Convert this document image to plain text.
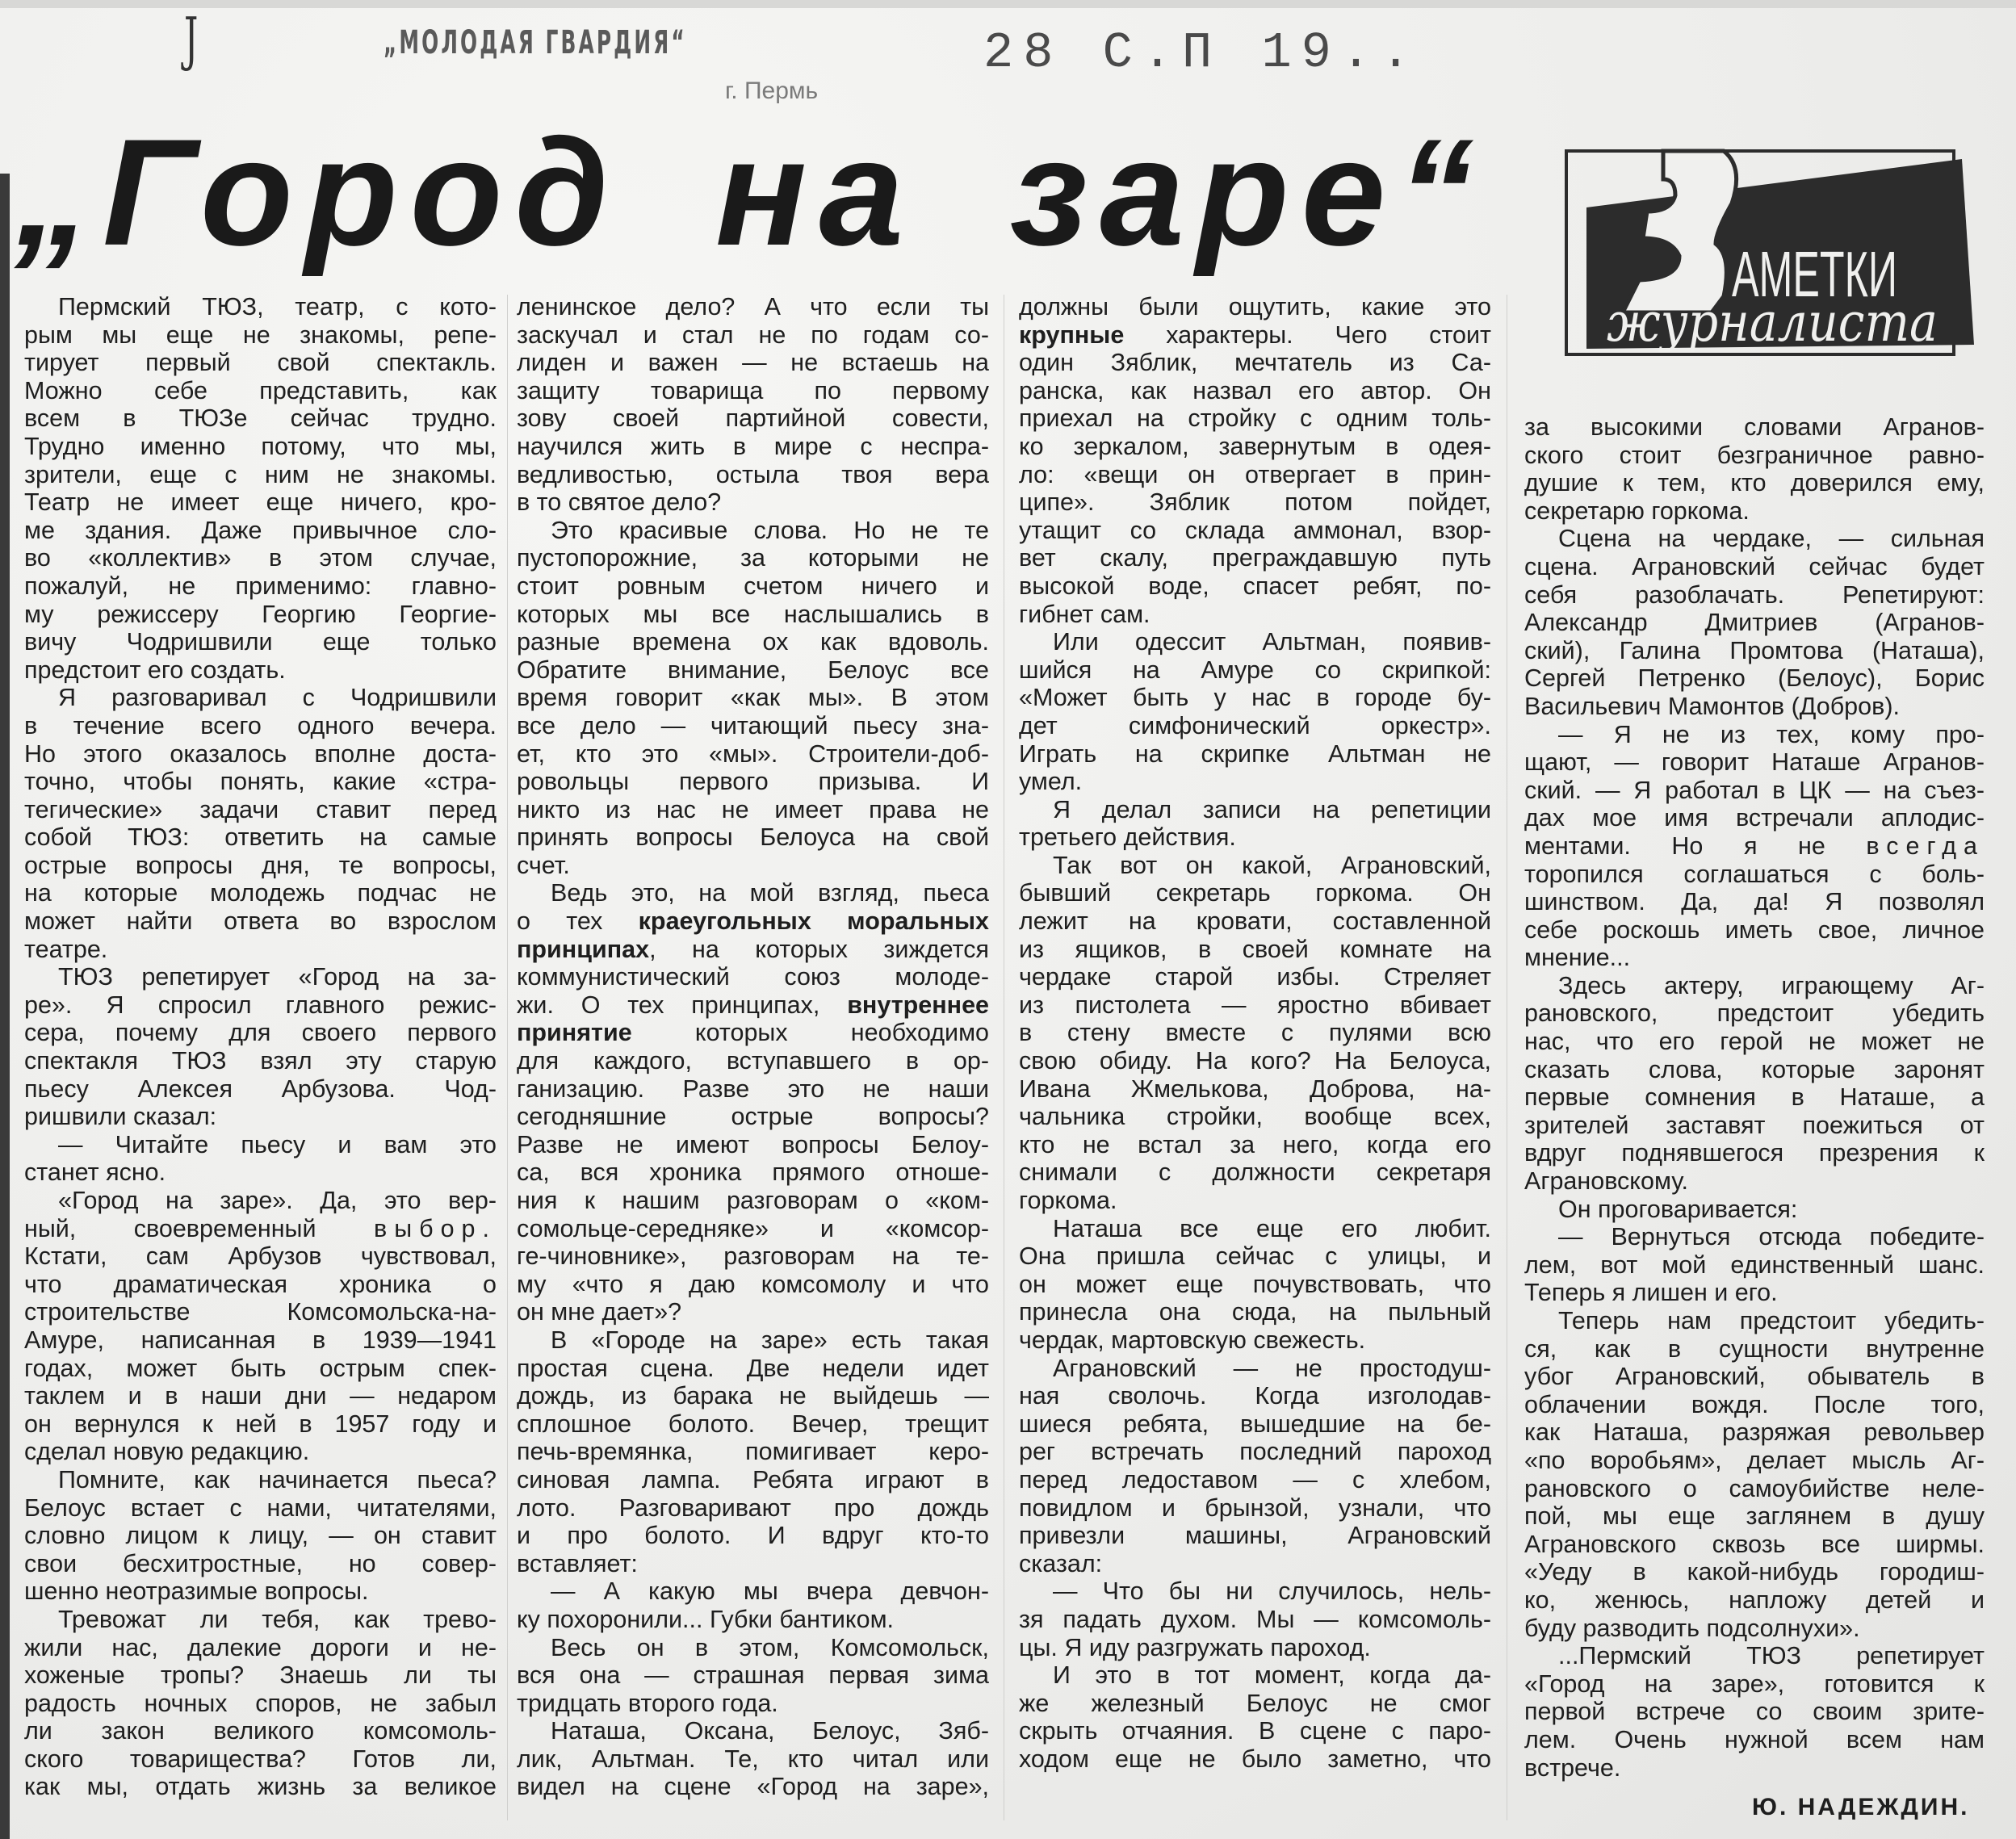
J	„МОЛОДАЯ ГВАРДИЯ“
г. Пермь
28 С.П 19..
„Город на заре“	АМЕТКИ
журналиста
Пермский ТЮЗ, театр, с кото-
рым мы еще не знакомы, репе-
тирует первый свой спектакль.
Можно себе представить, как
всем в ТЮЗе сейчас трудно.
Трудно именно потому, что мы,
зрители, еще с ним не знакомы.
Театр не имеет еще ничего, кро-
ме здания. Даже привычное сло-
во «коллектив» в этом случае,
пожалуй, не применимо: главно-
му режиссеру Георгию Георгие-
вичу Чодришвили еще только
предстоит его создать.
Я разговаривал с Чодришвили
в течение всего одного вечера.
Но этого оказалось вполне доста-
точно, чтобы понять, какие «стра-
тегические» задачи ставит перед
собой ТЮЗ: ответить на самые
острые вопросы дня, те вопросы,
на которые молодежь подчас не
может найти ответа во взрослом
театре.
ТЮЗ репетирует «Город на за-
ре». Я спросил главного режис-
сера, почему для своего первого
спектакля ТЮЗ взял эту старую
пьесу Алексея Арбузова. Чод-
ришвили сказал:
— Читайте пьесу и вам это
станет ясно.
«Город на заре». Да, это вер-
ный, своевременный выбор.
Кстати, сам Арбузов чувствовал,
что драматическая хроника о
строительстве Комсомольска-на-
Амуре, написанная в 1939—1941
годах, может быть острым спек-
таклем и в наши дни — недаром
он вернулся к ней в 1957 году и
сделал новую редакцию.
Помните, как начинается пьеса?
Белоус встает с нами, читателями,
словно лицом к лицу, — он ставит
свои бесхитростные, но совер-
шенно неотразимые вопросы.
Тревожат ли тебя, как трево-
жили нас, далекие дороги и не-
хоженые тропы? Знаешь ли ты
радость ночных споров, не забыл
ли закон великого комсомоль-
ского товарищества? Готов ли,
как мы, отдать жизнь за великое
ленинское дело? А что если ты
заскучал и стал не по годам со-
лиден и важен — не встаешь на
защиту товарища по первому
зову своей партийной совести,
научился жить в мире с неспра-
ведливостью, остыла твоя вера
в то святое дело?
Это красивые слова. Но не те
пустопорожние, за которыми не
стоит ровным счетом ничего и
которых мы все наслышались в
разные времена ох как вдоволь.
Обратите внимание, Белоус все
время говорит «как мы». В этом
все дело — читающий пьесу зна-
ет, кто это «мы». Строители-доб-
ровольцы первого призыва. И
никто из нас не имеет права не
принять вопросы Белоуса на свой
счет.
Ведь это, на мой взгляд, пьеса
о тех краеугольных моральных
принципах, на которых зиждется
коммунистический союз молоде-
жи. О тех принципах, внутреннее
принятие которых необходимо
для каждого, вступавшего в ор-
ганизацию. Разве это не наши
сегодняшние острые вопросы?
Разве не имеют вопросы Белоу-
са, вся хроника прямого отноше-
ния к нашим разговорам о «ком-
сомольце-середняке» и «комсор-
ге-чиновнике», разговорам на те-
му «что я даю комсомолу и что
он мне дает»?
В «Городе на заре» есть такая
простая сцена. Две недели идет
дождь, из барака не выйдешь —
сплошное болото. Вечер, трещит
печь-времянка, помигивает керо-
синовая лампа. Ребята играют в
лото. Разговаривают про дождь
и про болото. И вдруг кто-то
вставляет:
— А какую мы вчера девчон-
ку похоронили... Губки бантиком.
Весь он в этом, Комсомольск,
вся она — страшная первая зима
тридцать второго года.
Наташа, Оксана, Белоус, Зяб-
лик, Альтман. Те, кто читал или
видел на сцене «Город на заре»,
должны были ощутить, какие это
крупные характеры. Чего стоит
один Зяблик, мечтатель из Са-
ранска, как назвал его автор. Он
приехал на стройку с одним толь-
ко зеркалом, завернутым в одея-
ло: «вещи он отвергает в прин-
ципе». Зяблик потом пойдет,
утащит со склада аммонал, взор-
вет скалу, преграждавшую путь
высокой воде, спасет ребят, по-
гибнет сам.
Или одессит Альтман, появив-
шийся на Амуре со скрипкой:
«Может быть у нас в городе бу-
дет симфонический оркестр».
Играть на скрипке Альтман не
умел.
Я делал записи на репетиции
третьего действия.
Так вот он какой, Аграновский,
бывший секретарь горкома. Он
лежит на кровати, составленной
из ящиков, в своей комнате на
чердаке старой избы. Стреляет
из пистолета — яростно вбивает
в стену вместе с пулями всю
свою обиду. На кого? На Белоуса,
Ивана Жмелькова, Доброва, на-
чальника стройки, вообще всех,
кто не встал за него, когда его
снимали с должности секретаря
горкома.
Наташа все еще его любит.
Она пришла сейчас с улицы, и
он может еще почувствовать, что
принесла она сюда, на пыльный
чердак, мартовскую свежесть.
Аграновский — не простодуш-
ная сволочь. Когда изголодав-
шиеся ребята, вышедшие на бе-
рег встречать последний пароход
перед ледоставом — с хлебом,
повидлом и брынзой, узнали, что
привезли машины, Аграновский
сказал:
— Что бы ни случилось, нель-
зя падать духом. Мы — комсомоль-
цы. Я иду разгружать пароход.
И это в тот момент, когда да-
же железный Белоус не смог
скрыть отчаяния. В сцене с паро-
ходом еще не было заметно, что
за высокими словами Агранов-
ского стоит безграничное равно-
душие к тем, кто доверился ему,
секретарю горкома.
Сцена на чердаке, — сильная
сцена. Аграновский сейчас будет
себя разоблачать. Репетируют:
Александр Дмитриев (Агранов-
ский), Галина Промтова (Наташа),
Сергей Петренко (Белоус), Борис
Васильевич Мамонтов (Добров).
— Я не из тех, кому про-
щают, — говорит Наташе Агранов-
ский. — Я работал в ЦК — на съез-
дах мое имя встречали аплодис-
ментами. Но я не всегда
торопился соглашаться с боль-
шинством. Да, да! Я позволял
себе роскошь иметь свое, личное
мнение...
Здесь актеру, играющему Аг-
рановского, предстоит убедить
нас, что его герой не может не
сказать слова, которые заронят
первые сомнения в Наташе, а
зрителей заставят поежиться от
вдруг поднявшегося презрения к
Аграновскому.
Он проговаривается:
— Вернуться отсюда победите-
лем, вот мой единственный шанс.
Теперь я лишен и его.
Теперь нам предстоит убедить-
ся, как в сущности внутренне
убог Аграновский, обыватель в
облачении вождя. После того,
как Наташа, разряжая револьвер
«по воробьям», делает мысль Аг-
рановского о самоубийстве неле-
пой, мы еще заглянем в душу
Аграновского сквозь все ширмы.
«Уеду в какой-нибудь городиш-
ко, женюсь, напложу детей и
буду разводить подсолнухи».
...Пермский ТЮЗ репетирует
«Город на заре», готовится к
первой встрече со своим зрите-
лем. Очень нужной всем нам
встрече.
Ю. НАДЕЖДИН.
